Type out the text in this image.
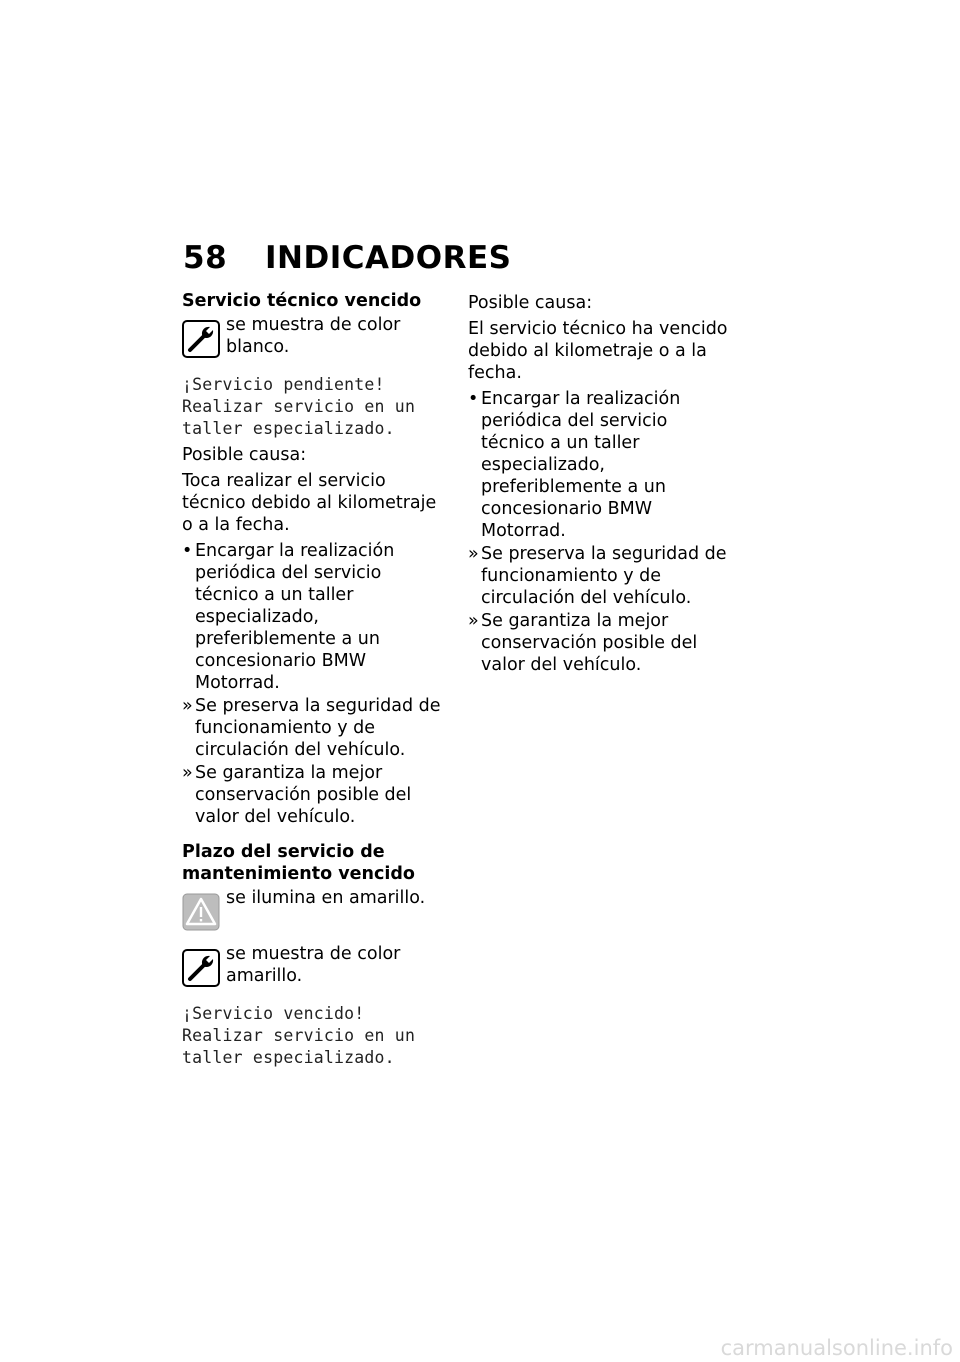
58 INDICADORES
Servicio técnico vencido
se muestra de color blanco.
¡Servicio pendiente! Realizar servicio en un taller especializado.
Posible causa:
Toca realizar el servicio técnico debido al kilometraje o a la fecha.
• Encargar la realización periódica del servicio técnico a un taller especializado, preferiblemente a un concesionario BMW Motorrad.
» Se preserva la seguridad de funcionamiento y de circulación del vehículo.
» Se garantiza la mejor conservación posible del valor del vehículo.
Plazo del servicio de
mantenimiento vencido
se ilumina en amarillo.
se muestra de color amarillo.
¡Servicio vencido! Realizar servicio en un taller especializado.
Posible causa:
El servicio técnico ha vencido debido al kilometraje o a la fecha.
• Encargar la realización periódica del servicio técnico a un taller especializado, preferiblemente a un concesionario BMW Motorrad.
» Se preserva la seguridad de funcionamiento y de circulación del vehículo.
» Se garantiza la mejor conservación posible del valor del vehículo.
carmanualsonline.info
